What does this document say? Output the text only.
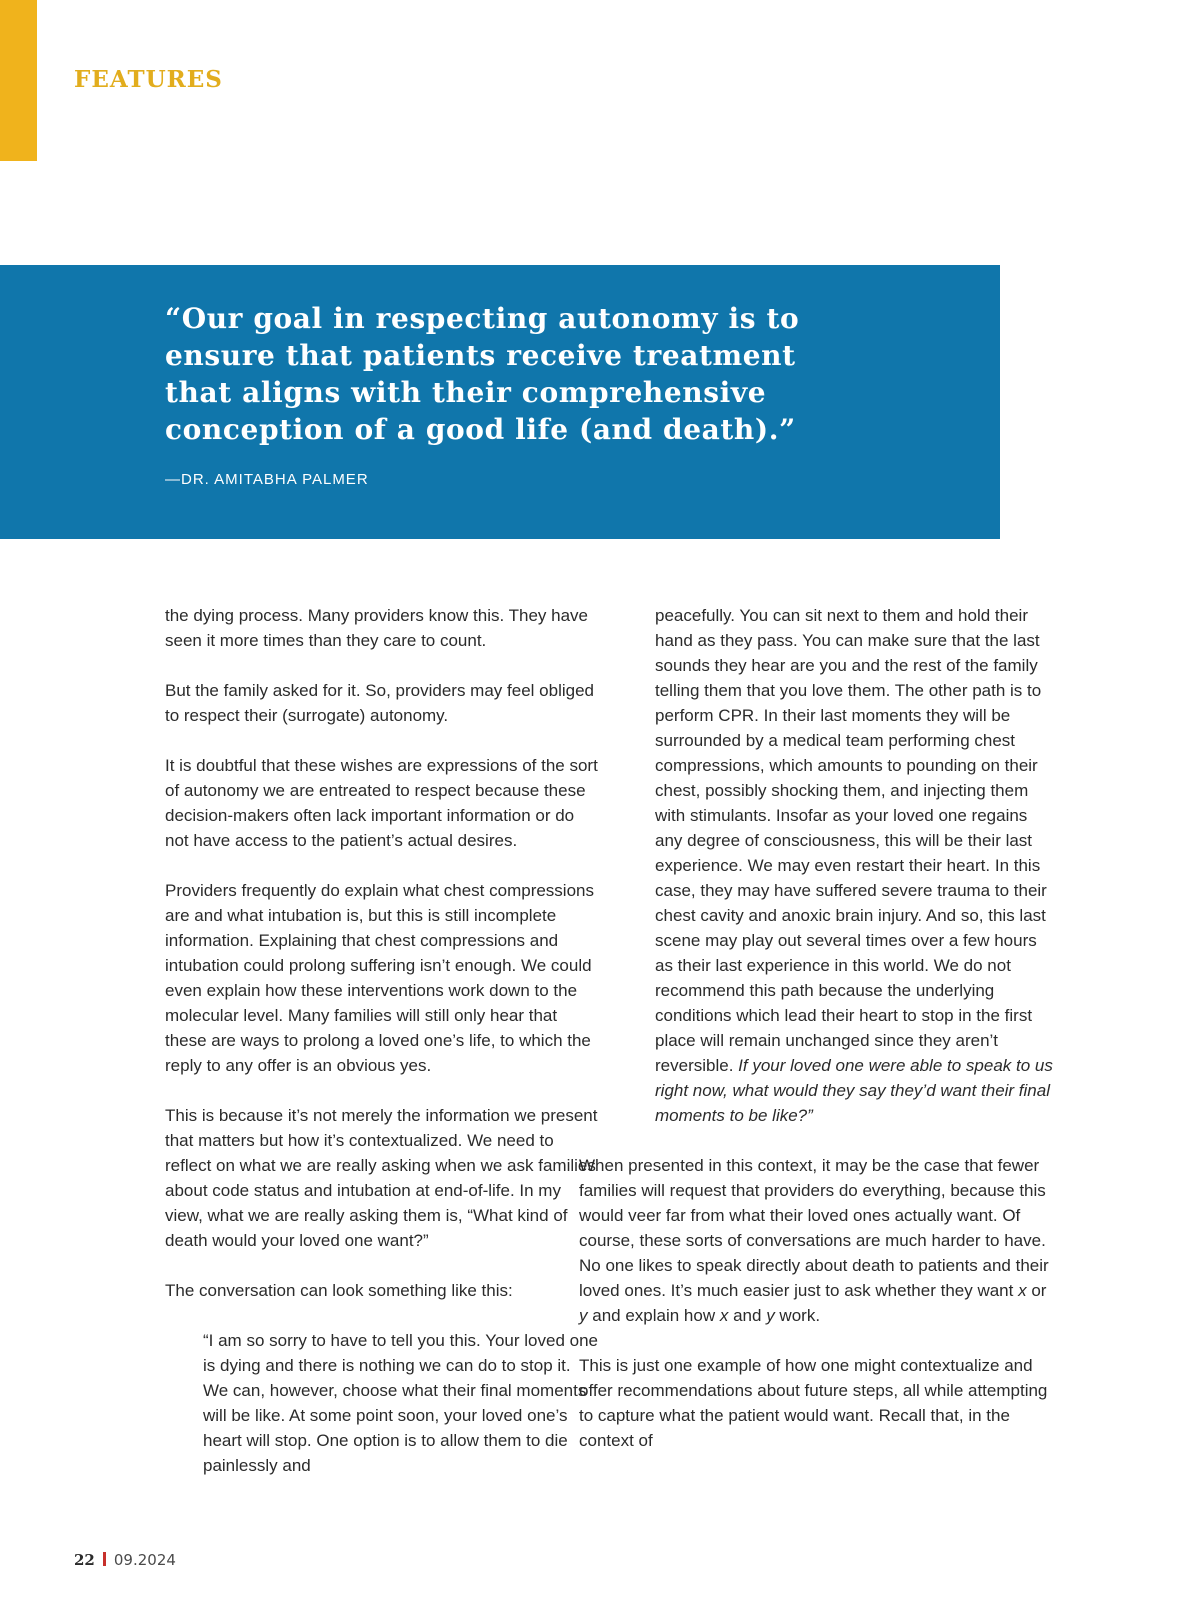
FEATURES

“Our goal in respecting autonomy is to ensure that patients receive treatment that aligns with their comprehensive conception of a good life (and death).”

—DR. AMITABHA PALMER

the dying process. Many providers know this. They have seen it more times than they care to count.

But the family asked for it. So, providers may feel obliged to respect their (surrogate) autonomy.

It is doubtful that these wishes are expressions of the sort of autonomy we are entreated to respect because these decision-makers often lack important information or do not have access to the patient’s actual desires.

Providers frequently do explain what chest compressions are and what intubation is, but this is still incomplete information. Explaining that chest compressions and intubation could prolong suffering isn’t enough. We could even explain how these interventions work down to the molecular level. Many families will still only hear that these are ways to prolong a loved one’s life, to which the reply to any offer is an obvious yes.

This is because it’s not merely the information we present that matters but how it’s contextualized. We need to reflect on what we are really asking when we ask families about code status and intubation at end-of-life. In my view, what we are really asking them is, “What kind of death would your loved one want?”

The conversation can look something like this:

“I am so sorry to have to tell you this. Your loved one is dying and there is nothing we can do to stop it. We can, however, choose what their final moments will be like. At some point soon, your loved one’s heart will stop. One option is to allow them to die painlessly and

peacefully. You can sit next to them and hold their hand as they pass. You can make sure that the last sounds they hear are you and the rest of the family telling them that you love them. The other path is to perform CPR. In their last moments they will be surrounded by a medical team performing chest compressions, which amounts to pounding on their chest, possibly shocking them, and injecting them with stimulants. Insofar as your loved one regains any degree of consciousness, this will be their last experience. We may even restart their heart. In this case, they may have suffered severe trauma to their chest cavity and anoxic brain injury. And so, this last scene may play out several times over a few hours as their last experience in this world. We do not recommend this path because the underlying conditions which lead their heart to stop in the first place will remain unchanged since they aren’t reversible. If your loved one were able to speak to us right now, what would they say they’d want their final moments to be like?”

When presented in this context, it may be the case that fewer families will request that providers do everything, because this would veer far from what their loved ones actually want. Of course, these sorts of conversations are much harder to have. No one likes to speak directly about death to patients and their loved ones. It’s much easier just to ask whether they want x or y and explain how x and y work.

This is just one example of how one might contextualize and offer recommendations about future steps, all while attempting to capture what the patient would want. Recall that, in the context of

22 09.2024
